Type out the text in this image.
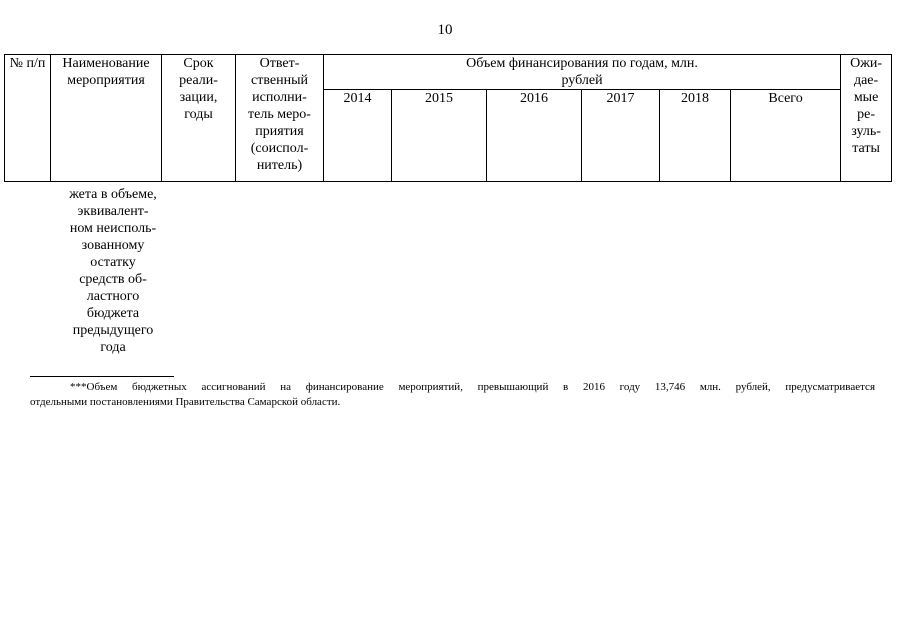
10
№ п/п	Наименование мероприятия	Срок реали-зации, годы	Ответ-ственный исполни-тель меро-приятия (соиспол-нитель)	Объем финансирования по годам, млн. рублей						Ожи-дае-мые ре-зуль-таты

				2014	2015	2016	2017	2018	Всего	
жета в объеме,
эквивалент-
ном неисполь-
зованному
остатку
средств об-
ластного
бюджета
предыдущего
года
***Объем бюджетных ассигнований на финансирование мероприятий, превышающий в 2016 году 13,746 млн. рублей, предусматривается
отдельными постановлениями Правительства Самарской области.
